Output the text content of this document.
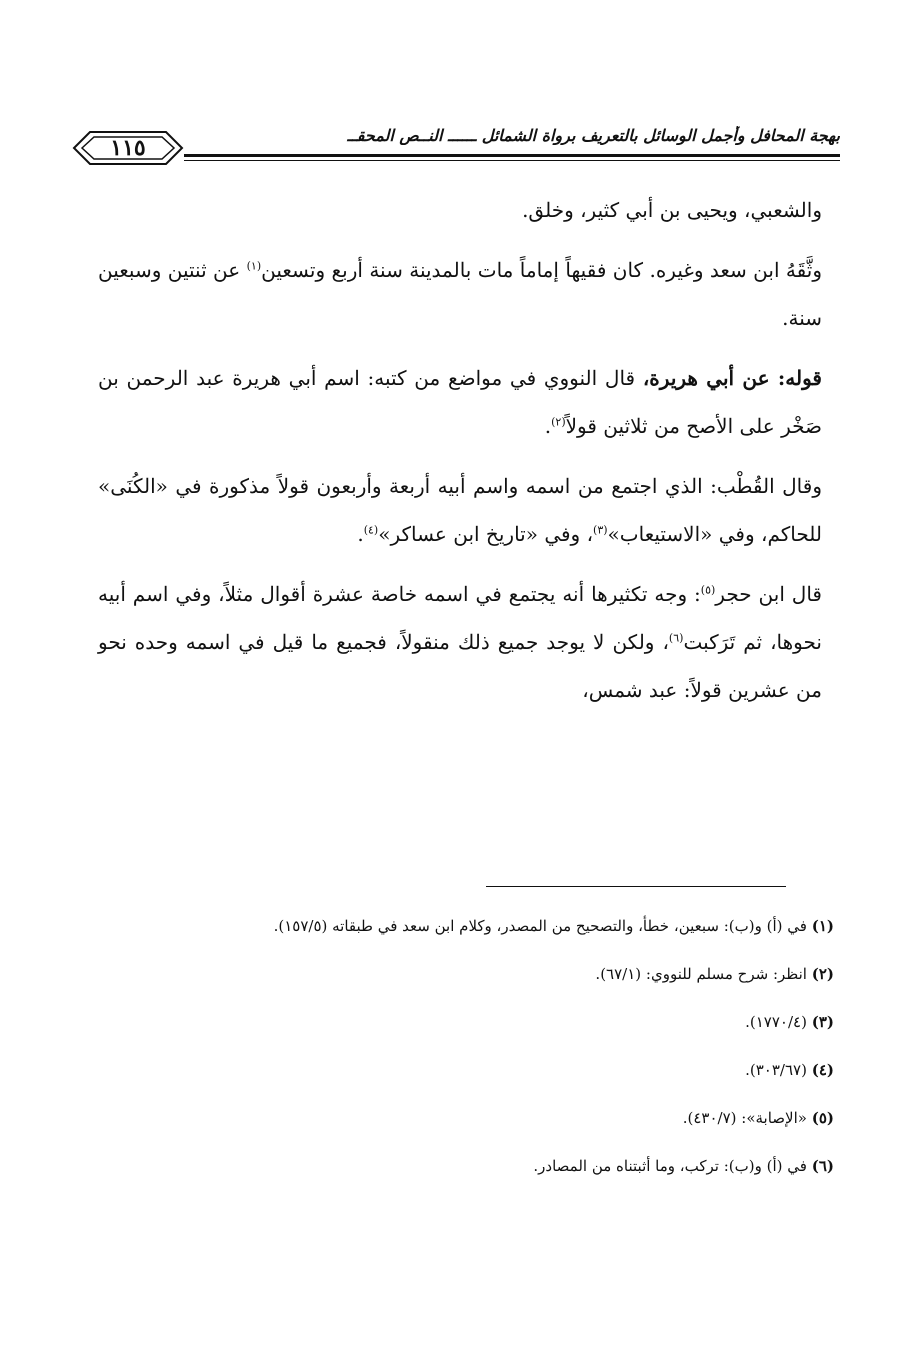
١١٥	بهجة المحافل وأجمل الوسائل بالتعريف برواة الشمائل ــــــ النــص المحقــ

والشعبي، ويحيى بن أبي كثير، وخلق.

وثَّقَهُ ابن سعد وغيره. كان فقيهاً إماماً مات بالمدينة سنة أربع وتسعين$^{(١)}$ عن ثنتين وسبعين سنة.

قوله: عن أبي هريرة، قال النووي في مواضع من كتبه: اسم أبي هريرة عبد الرحمن بن صَخْر على الأصح من ثلاثين قولاً$^{(٢)}$.

وقال القُطْب: الذي اجتمع من اسمه واسم أبيه أربعة وأربعون قولاً مذكورة في «الكُنَى» للحاكم، وفي «الاستيعاب»$^{(٣)}$، وفي «تاريخ ابن عساكر»$^{(٤)}$.

قال ابن حجر$^{(٥)}$: وجه تكثيرها أنه يجتمع في اسمه خاصة عشرة أقوال مثلاً، وفي اسم أبيه نحوها، ثم تَرَكبت$^{(٦)}$، ولكن لا يوجد جميع ذلك منقولاً، فجميع ما قيل في اسمه وحده نحو من عشرين قولاً: عبد شمس،

(١) في (أ) و(ب): سبعين، خطأ، والتصحيح من المصدر، وكلام ابن سعد في طبقاته (١٥٧/٥).

(٢) انظر: شرح مسلم للنووي: (٦٧/١).

(٣) (١٧٧٠/٤).

(٤) (٣٠٣/٦٧).

(٥) «الإصابة»: (٤٣٠/٧).

(٦) في (أ) و(ب): تركب، وما أثبتناه من المصادر.
